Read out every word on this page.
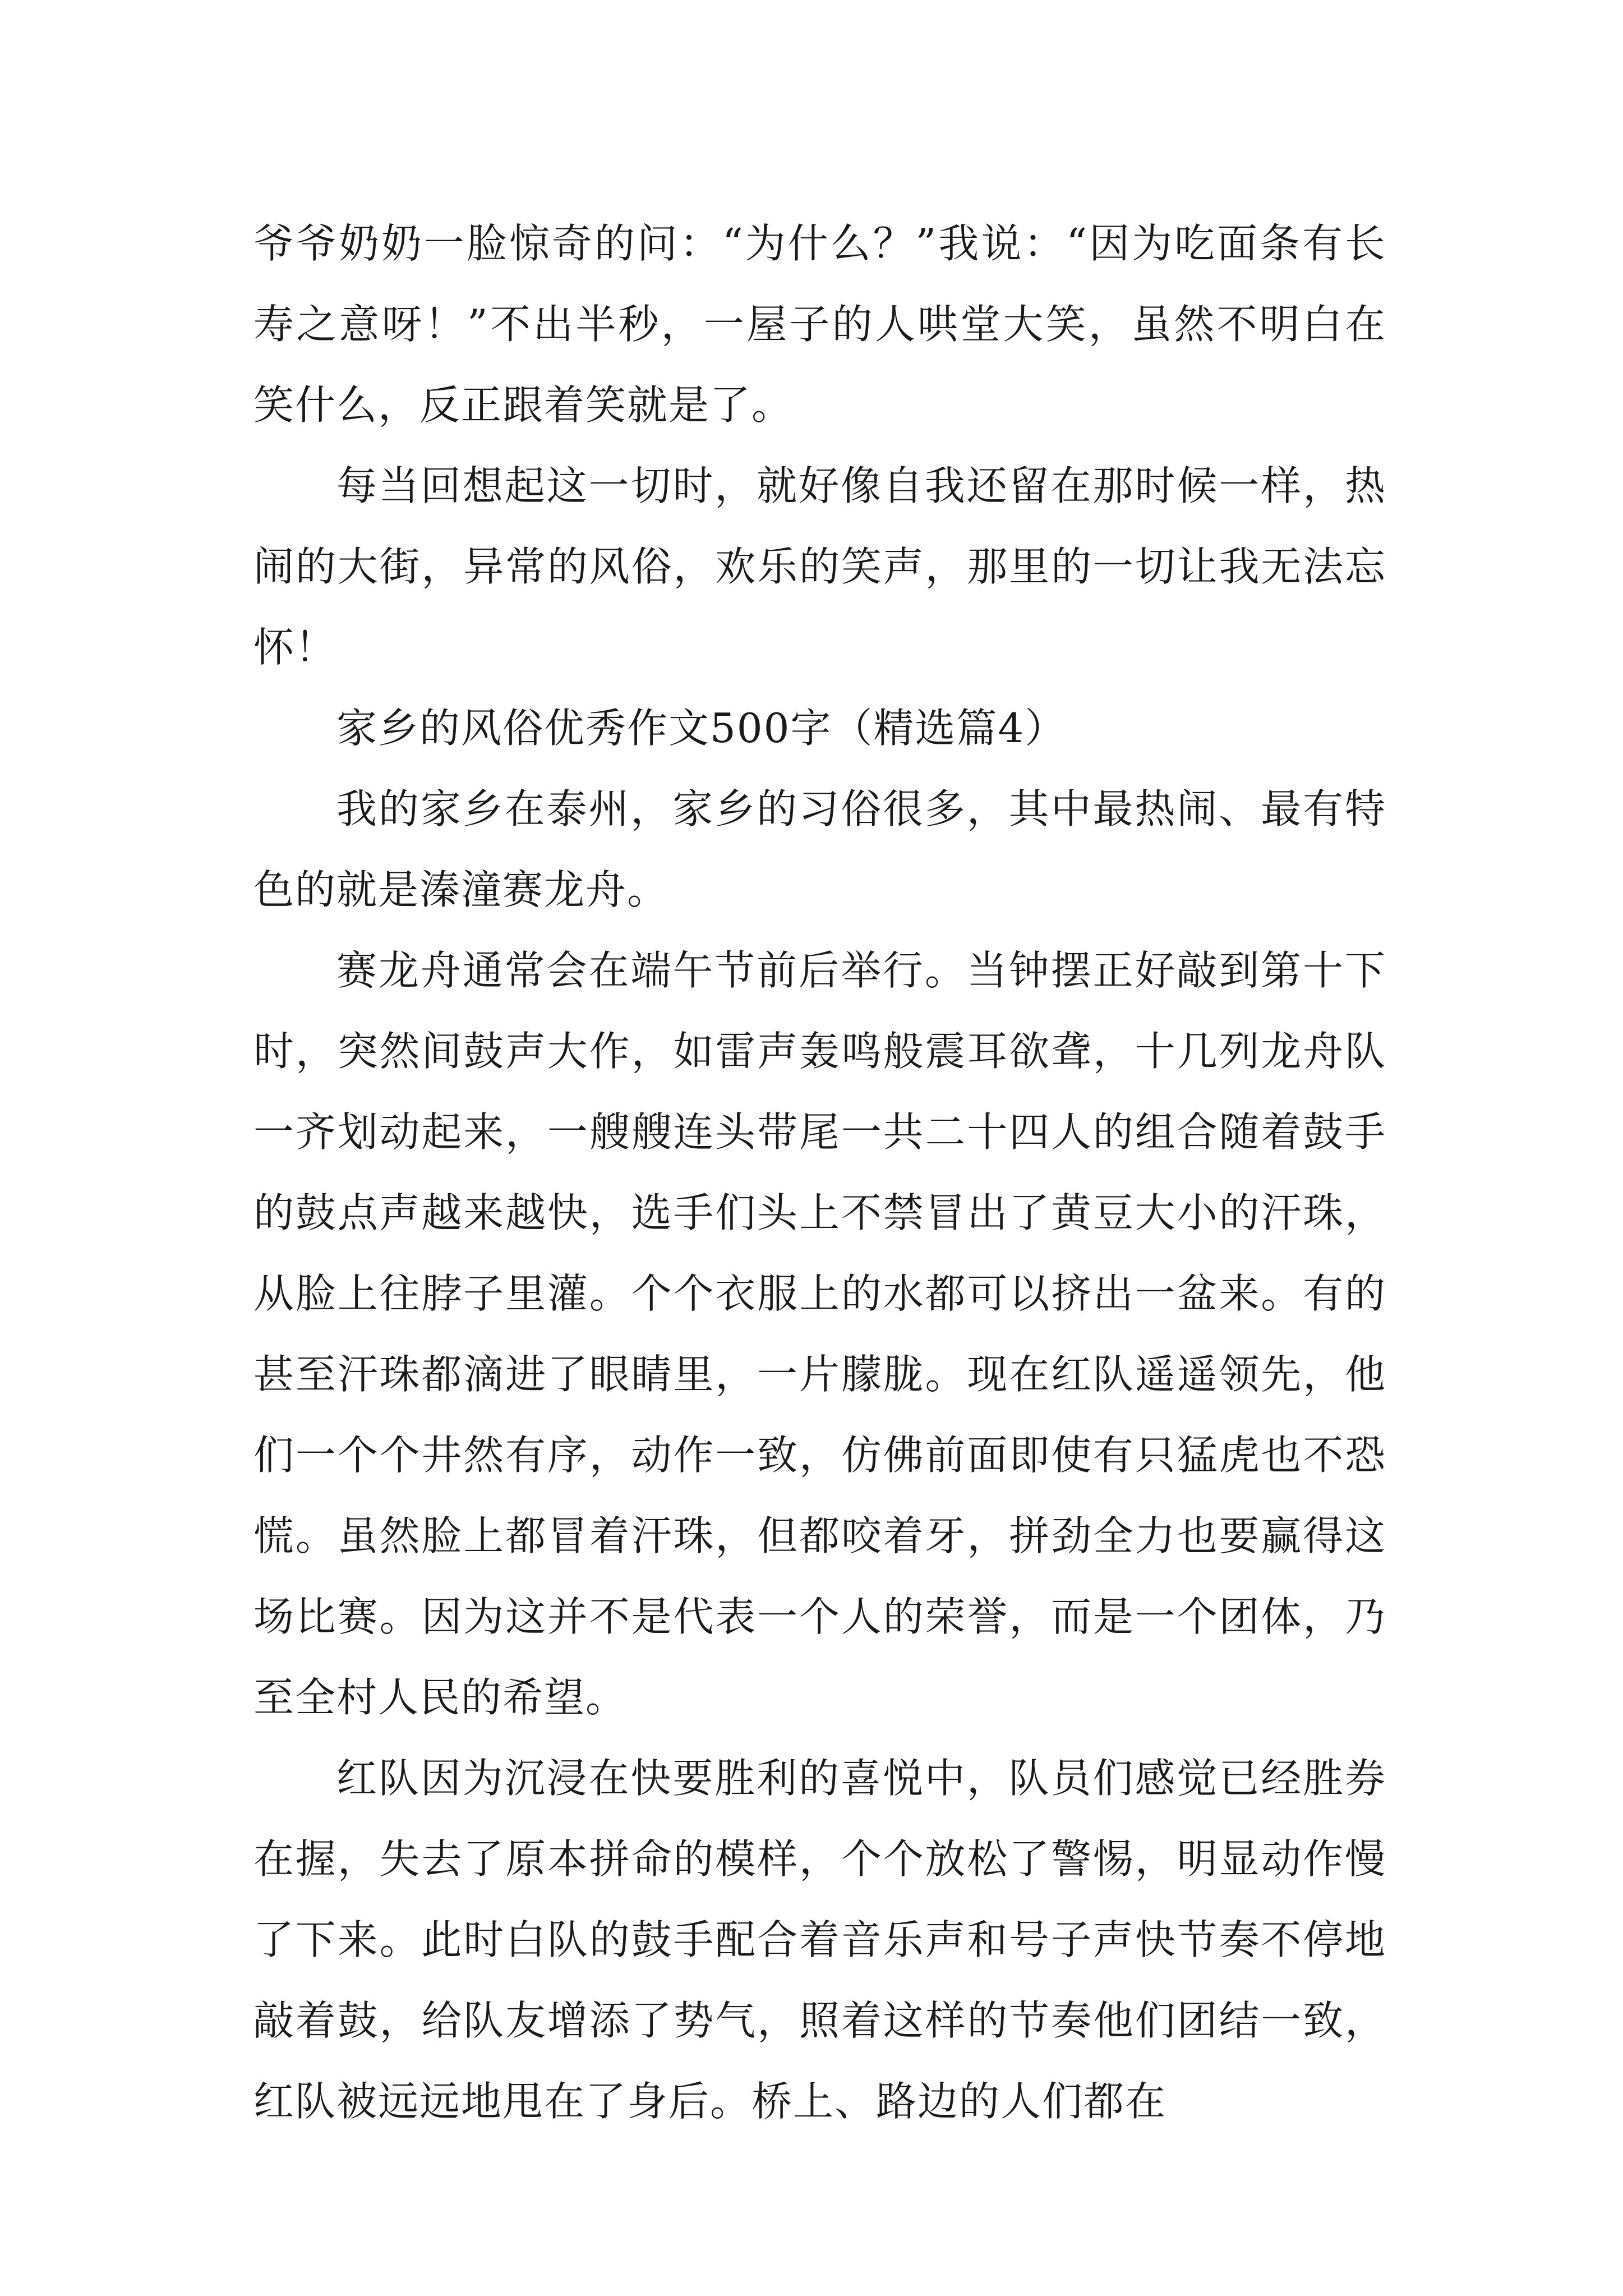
爷爷奶奶一脸惊奇的问：“为什么？”我说：“因为吃面条有长寿之意呀！”不出半秒，一屋子的人哄堂大笑，虽然不明白在笑什么，反正跟着笑就是了。

每当回想起这一切时，就好像自我还留在那时候一样，热闹的大街，异常的风俗，欢乐的笑声，那里的一切让我无法忘怀！

家乡的风俗优秀作文500字（精选篇4）

我的家乡在泰州，家乡的习俗很多，其中最热闹、最有特色的就是溱潼赛龙舟。

赛龙舟通常会在端午节前后举行。当钟摆正好敲到第十下时，突然间鼓声大作，如雷声轰鸣般震耳欲聋，十几列龙舟队一齐划动起来，一艘艘连头带尾一共二十四人的组合随着鼓手的鼓点声越来越快，选手们头上不禁冒出了黄豆大小的汗珠，从脸上往脖子里灌。个个衣服上的水都可以挤出一盆来。有的甚至汗珠都滴进了眼睛里，一片朦胧。现在红队遥遥领先，他们一个个井然有序，动作一致，仿佛前面即使有只猛虎也不恐慌。虽然脸上都冒着汗珠，但都咬着牙，拼劲全力也要赢得这场比赛。因为这并不是代表一个人的荣誉，而是一个团体，乃至全村人民的希望。

红队因为沉浸在快要胜利的喜悦中，队员们感觉已经胜券在握，失去了原本拼命的模样，个个放松了警惕，明显动作慢了下来。此时白队的鼓手配合着音乐声和号子声快节奏不停地敲着鼓，给队友增添了势气，照着这样的节奏他们团结一致，红队被远远地甩在了身后。桥上、路边的人们都在
